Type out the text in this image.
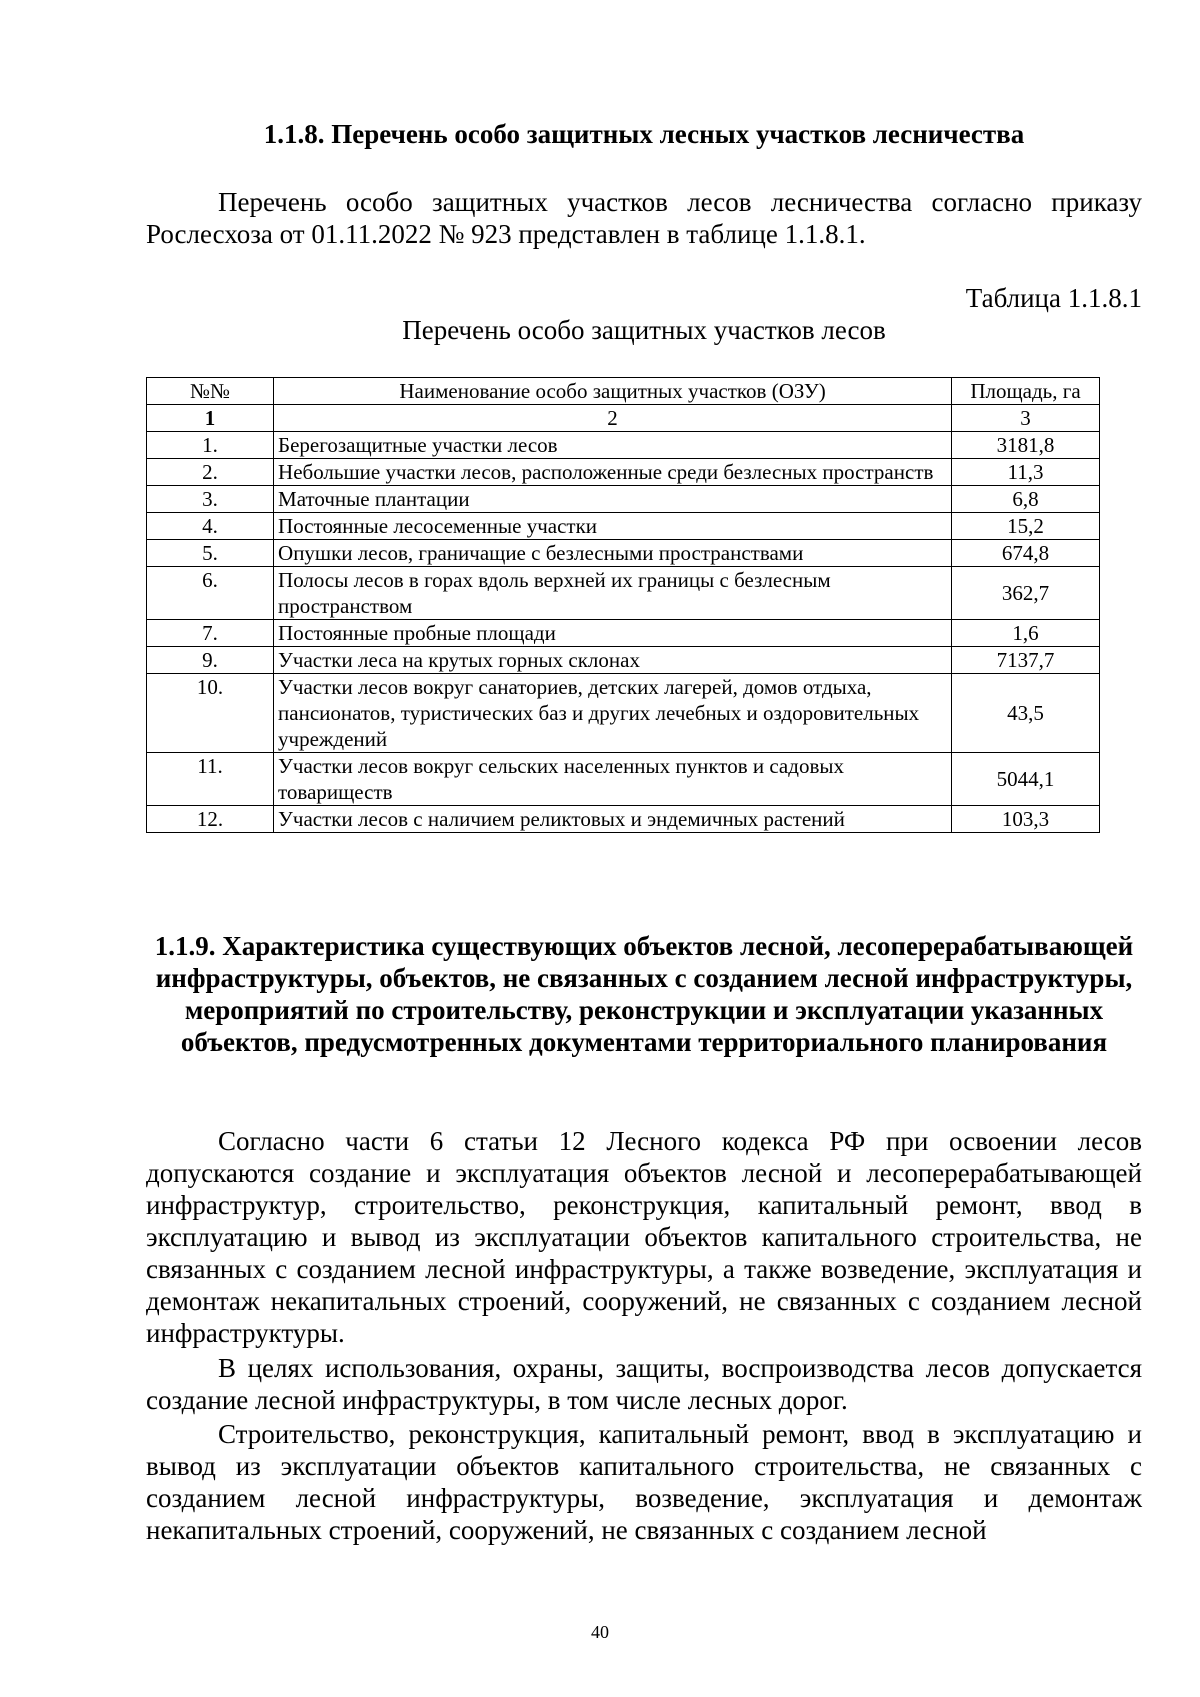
1.1.8. Перечень особо защитных лесных участков лесничества

Перечень особо защитных участков лесов лесничества согласно приказу Рослесхоза от 01.11.2022 № 923 представлен в таблице 1.1.8.1.

Таблица 1.1.8.1

Перечень особо защитных участков лесов

№№	Наименование особо защитных участков (ОЗУ)	Площадь, га
1	2	3
1.	Берегозащитные участки лесов	3181,8
2.	Небольшие участки лесов, расположенные среди безлесных пространств	11,3
3.	Маточные плантации	6,8
4.	Постоянные лесосеменные участки	15,2
5.	Опушки лесов, граничащие с безлесными пространствами	674,8
6.	Полосы лесов в горах вдоль верхней их границы с безлесным пространством	362,7
7.	Постоянные пробные площади	1,6
9.	Участки леса на крутых горных склонах	7137,7
10.	Участки лесов вокруг санаториев, детских лагерей, домов отдыха, пансионатов, туристических баз и других лечебных и оздоровительных учреждений	43,5
11.	Участки лесов вокруг сельских населенных пунктов и садовых товариществ	5044,1
12.	Участки лесов с наличием реликтовых и эндемичных растений	103,3
1.1.9. Характеристика существующих объектов лесной, лесоперерабатывающей инфраструктуры, объектов, не связанных с созданием лесной инфраструктуры, мероприятий по строительству, реконструкции и эксплуатации указанных объектов, предусмотренных документами территориального планирования

Согласно части 6 статьи 12 Лесного кодекса РФ при освоении лесов допускаются создание и эксплуатация объектов лесной и лесоперерабатывающей инфраструктур, строительство, реконструкция, капитальный ремонт, ввод в эксплуатацию и вывод из эксплуатации объектов капитального строительства, не связанных с созданием лесной инфраструктуры, а также возведение, эксплуатация и демонтаж некапитальных строений, сооружений, не связанных с созданием лесной инфраструктуры.

В целях использования, охраны, защиты, воспроизводства лесов допускается создание лесной инфраструктуры, в том числе лесных дорог.

Строительство, реконструкция, капитальный ремонт, ввод в эксплуатацию и вывод из эксплуатации объектов капитального строительства, не связанных с созданием лесной инфраструктуры, возведение, эксплуатация и демонтаж некапитальных строений, сооружений, не связанных с созданием лесной

40
